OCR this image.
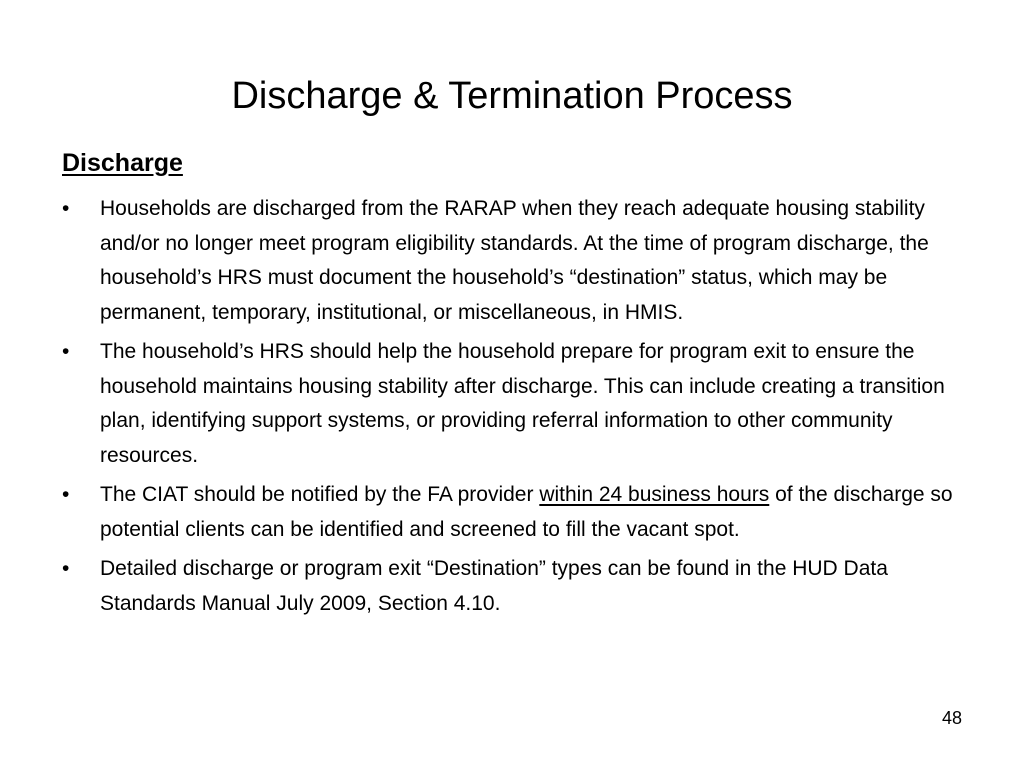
Discharge & Termination Process
Discharge
•	Households are discharged from the RARAP when they reach adequate housing stability and/or no longer meet program eligibility standards. At the time of program discharge, the household’s HRS must document the household’s “destination” status, which may be permanent, temporary, institutional, or miscellaneous, in HMIS.
•	The household’s HRS should help the household prepare for program exit to ensure the household maintains housing stability after discharge. This can include creating a transition plan, identifying support systems, or providing referral information to other community resources.
•	The CIAT should be notified by the FA provider within 24 business hours of the discharge so potential clients can be identified and screened to fill the vacant spot.
•	Detailed discharge or program exit “Destination” types can be found in the HUD Data Standards Manual July 2009, Section 4.10.
48
